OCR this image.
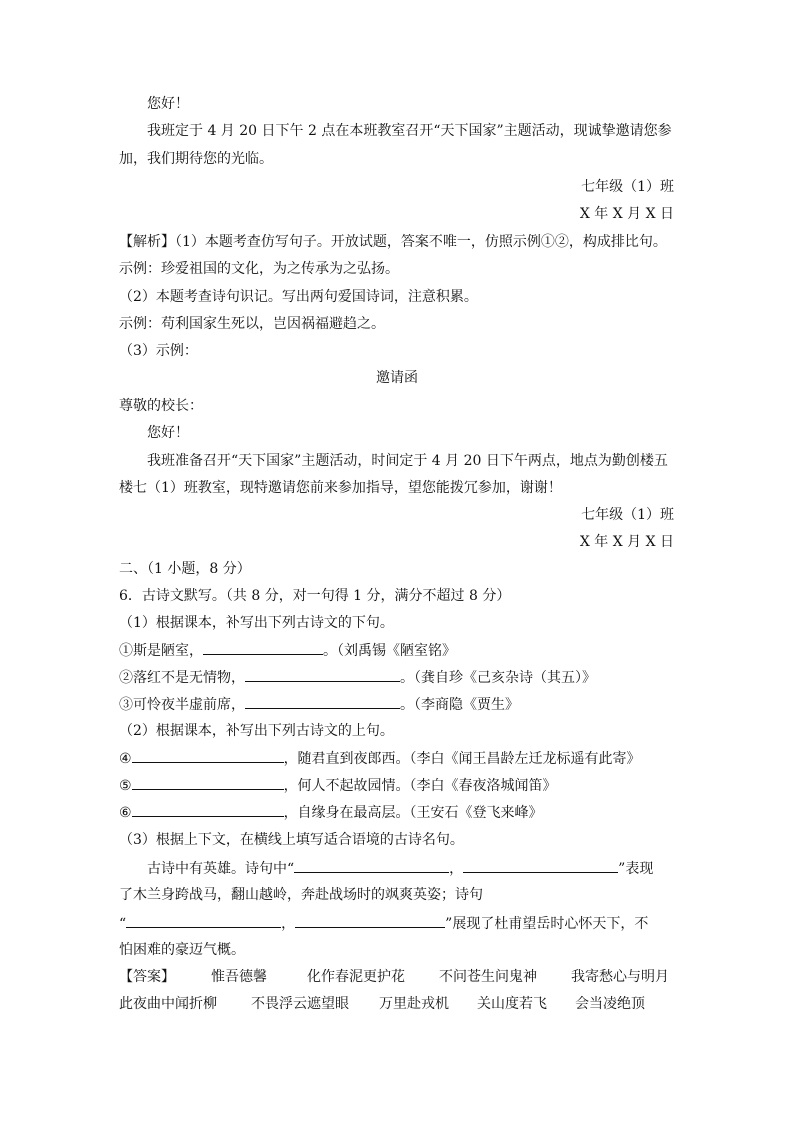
您好！
我班定于 4 月 20 日下午 2 点在本班教室召开“天下国家”主题活动，现诚挚邀请您参
加，我们期待您的光临。
七年级（1）班
X 年 X 月 X 日
【解析】（1）本题考查仿写句子。开放试题，答案不唯一，仿照示例①②，构成排比句。
示例：珍爱祖国的文化，为之传承为之弘扬。
（2）本题考查诗句识记。写出两句爱国诗词，注意积累。
示例：苟利国家生死以，岂因祸福避趋之。
（3）示例：
邀请函
尊敬的校长：
您好！
我班准备召开“天下国家”主题活动，时间定于 4 月 20 日下午两点，地点为勤创楼五
楼七（1）班教室，现特邀请您前来参加指导，望您能拨冗参加，谢谢！
七年级（1）班
X 年 X 月 X 日
二、（1 小题，8 分）
6．古诗文默写。（共 8 分，对一句得 1 分，满分不超过 8 分）
（1）根据课本，补写出下列古诗文的下句。
①斯是陋室，	。（刘禹锡《陋室铭》
②落红不是无情物，	。（龚自珍《己亥杂诗（其五）》
③可怜夜半虚前席，	。（李商隐《贾生》
（2）根据课本，补写出下列古诗文的上句。
④	，随君直到夜郎西。（李白《闻王昌龄左迁龙标遥有此寄》
⑤	，何人不起故园情。（李白《春夜洛城闻笛》
⑥	，自缘身在最高层。（王安石《登飞来峰》
（3）根据上下文，在横线上填写适合语境的古诗名句。
古诗中有英雄。诗句中“	，	”表现
了木兰身跨战马，翻山越岭，奔赴战场时的飒爽英姿；诗句
“	，	”展现了杜甫望岳时心怀天下，不
怕困难的豪迈气概。
【答案】	惟吾德馨	化作春泥更护花 不问苍生问鬼神 我寄愁心与明月
此夜曲中闻折柳 不畏浮云遮望眼 万里赴戎机 关山度若飞 会当凌绝顶
